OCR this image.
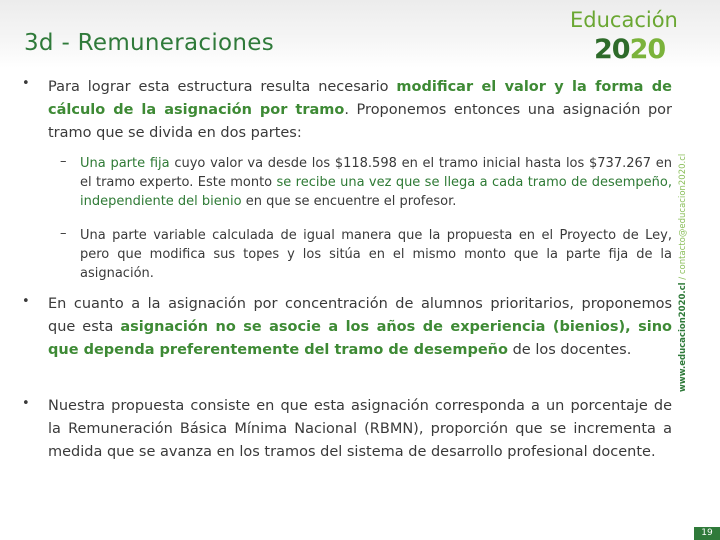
3d - Remuneraciones
Educación
2020
www.educacion2020.cl / contacto@educacion2020.cl
• Para lograr esta estructura resulta necesario modificar el valor y la forma de cálculo de la asignación por tramo. Proponemos entonces una asignación por tramo que se divida en dos partes:

– Una parte fija cuyo valor va desde los $118.598 en el tramo inicial hasta los $737.267 en el tramo experto. Este monto se recibe una vez que se llega a cada tramo de desempeño, independiente del bienio en que se encuentre el profesor.

– Una parte variable calculada de igual manera que la propuesta en el Proyecto de Ley, pero que modifica sus topes y los sitúa en el mismo monto que la parte fija de la asignación.

• En cuanto a la asignación por concentración de alumnos prioritarios, proponemos que esta asignación no se asocie a los años de experiencia (bienios), sino que dependa preferentemente del tramo de desempeño de los docentes.

• Nuestra propuesta consiste en que esta asignación corresponda a un porcentaje de la Remuneración Básica Mínima Nacional (RBMN), proporción que se incrementa a medida que se avanza en los tramos del sistema de desarrollo profesional docente.

19
